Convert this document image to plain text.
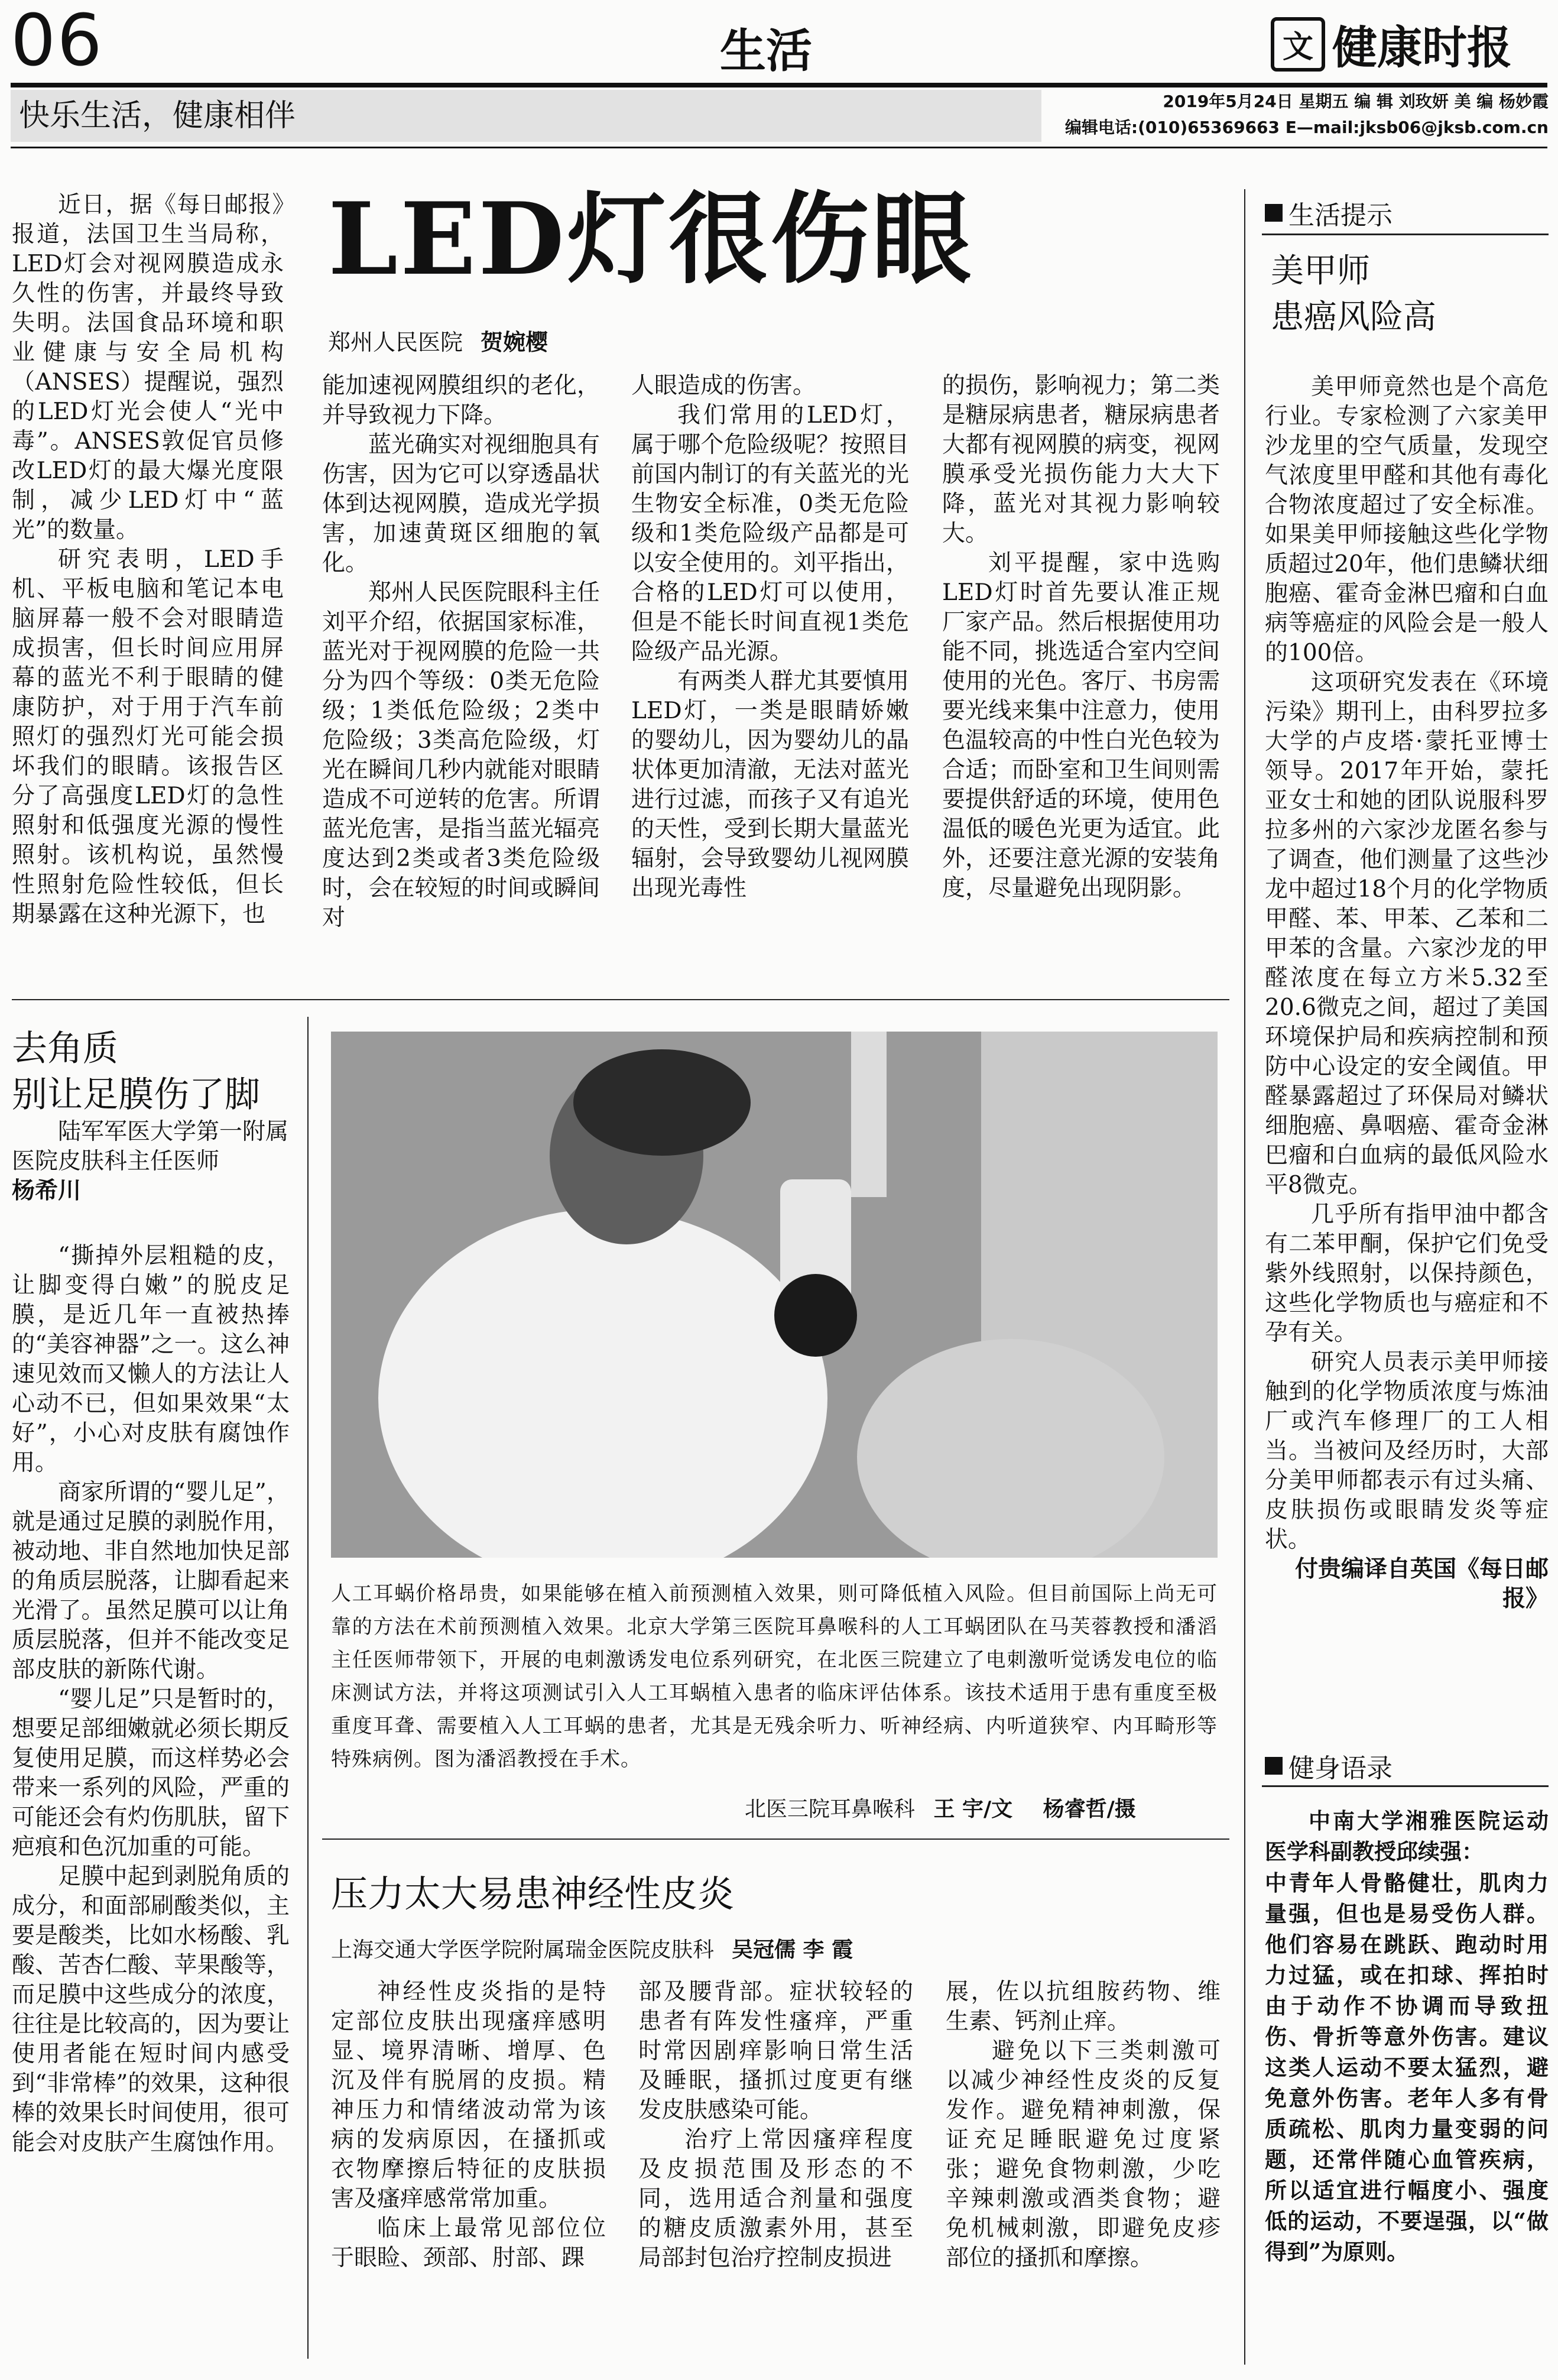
06	生活	文 健康时报
快乐生活，健康相伴	2019年5月24日 星期五 编 辑 刘玫妍 美 编 杨妙霞
编辑电话:(010)65369663 E—mail:jksb06@jksb.com.cn

近日，据《每日邮报》报道，法国卫生当局称，LED灯会对视网膜造成永久性的伤害，并最终导致失明。法国食品环境和职业健康与安全局机构（ANSES）提醒说，强烈的LED灯光会使人“光中毒”。ANSES敦促官员修改LED灯的最大爆光度限制，减少LED灯中“蓝光”的数量。

研究表明，LED手机、平板电脑和笔记本电脑屏幕一般不会对眼睛造成损害，但长时间应用屏幕的蓝光不利于眼睛的健康防护，对于用于汽车前照灯的强烈灯光可能会损坏我们的眼睛。该报告区分了高强度LED灯的急性照射和低强度光源的慢性照射。该机构说，虽然慢性照射危险性较低，但长期暴露在这种光源下，也

LED灯很伤眼
郑州人民医院 贺婉樱

能加速视网膜组织的老化，并导致视力下降。

蓝光确实对视细胞具有伤害，因为它可以穿透晶状体到达视网膜，造成光学损害，加速黄斑区细胞的氧化。

郑州人民医院眼科主任刘平介绍，依据国家标准，蓝光对于视网膜的危险一共分为四个等级：0类无危险级；1类低危险级；2类中危险级；3类高危险级，灯光在瞬间几秒内就能对眼睛造成不可逆转的危害。所谓蓝光危害，是指当蓝光辐亮度达到2类或者3类危险级时，会在较短的时间或瞬间对

人眼造成的伤害。

我们常用的LED灯，属于哪个危险级呢？按照目前国内制订的有关蓝光的光生物安全标准，0类无危险级和1类危险级产品都是可以安全使用的。刘平指出，合格的LED灯可以使用，但是不能长时间直视1类危险级产品光源。

有两类人群尤其要慎用LED灯，一类是眼睛娇嫩的婴幼儿，因为婴幼儿的晶状体更加清澈，无法对蓝光进行过滤，而孩子又有追光的天性，受到长期大量蓝光辐射，会导致婴幼儿视网膜出现光毒性

的损伤，影响视力；第二类是糖尿病患者，糖尿病患者大都有视网膜的病变，视网膜承受光损伤能力大大下降，蓝光对其视力影响较大。

刘平提醒，家中选购LED灯时首先要认准正规厂家产品。然后根据使用功能不同，挑选适合室内空间使用的光色。客厅、书房需要光线来集中注意力，使用色温较高的中性白光色较为合适；而卧室和卫生间则需要提供舒适的环境，使用色温低的暖色光更为适宜。此外，还要注意光源的安装角度，尽量避免出现阴影。

去角质
别让足膜伤了脚
陆军军医大学第一附属医院皮肤科主任医师
杨希川

“撕掉外层粗糙的皮，让脚变得白嫩”的脱皮足膜，是近几年一直被热捧的“美容神器”之一。这么神速见效而又懒人的方法让人心动不已，但如果效果“太好”，小心对皮肤有腐蚀作用。

商家所谓的“婴儿足”，就是通过足膜的剥脱作用，被动地、非自然地加快足部的角质层脱落，让脚看起来光滑了。虽然足膜可以让角质层脱落，但并不能改变足部皮肤的新陈代谢。

“婴儿足”只是暂时的，想要足部细嫩就必须长期反复使用足膜，而这样势必会带来一系列的风险，严重的可能还会有灼伤肌肤，留下疤痕和色沉加重的可能。

足膜中起到剥脱角质的成分，和面部刷酸类似，主要是酸类，比如水杨酸、乳酸、苦杏仁酸、苹果酸等，而足膜中这些成分的浓度，往往是比较高的，因为要让使用者能在短时间内感受到“非常棒”的效果，这种很棒的效果长时间使用，很可能会对皮肤产生腐蚀作用。

人工耳蜗价格昂贵，如果能够在植入前预测植入效果，则可降低植入风险。但目前国际上尚无可靠的方法在术前预测植入效果。北京大学第三医院耳鼻喉科的人工耳蜗团队在马芙蓉教授和潘滔主任医师带领下，开展的电刺激诱发电位系列研究，在北医三院建立了电刺激听觉诱发电位的临床测试方法，并将这项测试引入人工耳蜗植入患者的临床评估体系。该技术适用于患有重度至极重度耳聋、需要植入人工耳蜗的患者，尤其是无残余听力、听神经病、内听道狭窄、内耳畸形等特殊病例。图为潘滔教授在手术。
北医三院耳鼻喉科 王 宇/文 杨睿哲/摄
压力太大易患神经性皮炎
上海交通大学医学院附属瑞金医院皮肤科 吴冠儒 李 霞

神经性皮炎指的是特定部位皮肤出现瘙痒感明显、境界清晰、增厚、色沉及伴有脱屑的皮损。精神压力和情绪波动常为该病的发病原因，在搔抓或衣物摩擦后特征的皮肤损害及瘙痒感常常加重。

临床上最常见部位位于眼睑、颈部、肘部、踝

部及腰背部。症状较轻的患者有阵发性瘙痒，严重时常因剧痒影响日常生活及睡眠，搔抓过度更有继发皮肤感染可能。

治疗上常因瘙痒程度及皮损范围及形态的不同，选用适合剂量和强度的糖皮质激素外用，甚至局部封包治疗控制皮损进

展，佐以抗组胺药物、维生素、钙剂止痒。

避免以下三类刺激可以减少神经性皮炎的反复发作。避免精神刺激，保证充足睡眠避免过度紧张；避免食物刺激，少吃辛辣刺激或酒类食物；避免机械刺激，即避免皮疹部位的搔抓和摩擦。

生活提示
美甲师
患癌风险高

美甲师竟然也是个高危行业。专家检测了六家美甲沙龙里的空气质量，发现空气浓度里甲醛和其他有毒化合物浓度超过了安全标准。如果美甲师接触这些化学物质超过20年，他们患鳞状细胞癌、霍奇金淋巴瘤和白血病等癌症的风险会是一般人的100倍。

这项研究发表在《环境污染》期刊上，由科罗拉多大学的卢皮塔·蒙托亚博士领导。2017年开始，蒙托亚女士和她的团队说服科罗拉多州的六家沙龙匿名参与了调查，他们测量了这些沙龙中超过18个月的化学物质甲醛、苯、甲苯、乙苯和二甲苯的含量。六家沙龙的甲醛浓度在每立方米5.32至20.6微克之间，超过了美国环境保护局和疾病控制和预防中心设定的安全阈值。甲醛暴露超过了环保局对鳞状细胞癌、鼻咽癌、霍奇金淋巴瘤和白血病的最低风险水平8微克。

几乎所有指甲油中都含有二苯甲酮，保护它们免受紫外线照射，以保持颜色，这些化学物质也与癌症和不孕有关。

研究人员表示美甲师接触到的化学物质浓度与炼油厂或汽车修理厂的工人相当。当被问及经历时，大部分美甲师都表示有过头痛、皮肤损伤或眼睛发炎等症状。

付贵编译自英国《每日邮报》

健身语录

中南大学湘雅医院运动医学科副教授邱续强：

中青年人骨骼健壮，肌肉力量强，但也是易受伤人群。他们容易在跳跃、跑动时用力过猛，或在扣球、挥拍时由于动作不协调而导致扭伤、骨折等意外伤害。建议这类人运动不要太猛烈，避免意外伤害。老年人多有骨质疏松、肌肉力量变弱的问题，还常伴随心血管疾病，所以适宜进行幅度小、强度低的运动，不要逞强，以“做得到”为原则。
